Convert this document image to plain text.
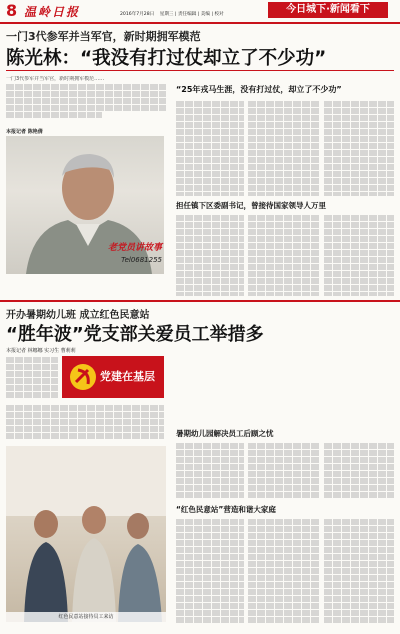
8 温岭日报	今日城下·新闻看下
2016年7月28日 星期三 | 责任编辑 | 美编 | 校对
一门3代参军并当军官，新时期拥军模范
陈光林：“我没有打过仗却立了不少功”
一门3代参军并当军官，新时期拥军模范……
本报记者 陈艳倩
老党员讲故事
Tel0681255
“25年戎马生涯，没有打过仗，却立了不少功”
担任镇下区委副书记，曾接待国家领导人万里
开办暑期幼儿班 成立红色民意站
“胜年波”党支部关爱员工举措多
本报记者 林娜娜 实习生 曹莉莉
党建在基层
暑期幼儿园解决员工后顾之忧
“红色民意站”营造和谐大家庭
红色民意站接待员工来访
